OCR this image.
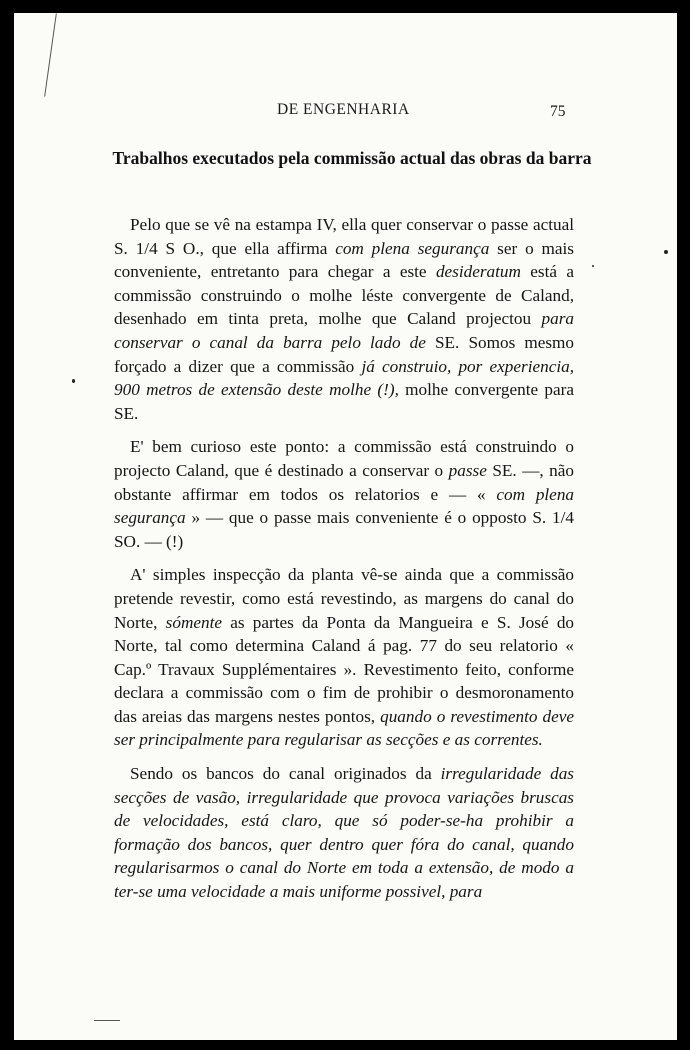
DE ENGENHARIA	75
Trabalhos executados pela commissão actual das obras da barra

Pelo que se vê na estampa IV, ella quer conservar o passe actual S. 1/4 S O., que ella affirma com plena segurança ser o mais conveniente, entretanto para chegar a este desideratum está a commissão construindo o molhe léste convergente de Caland, desenhado em tinta preta, molhe que Caland projectou para conservar o canal da barra pelo lado de SE. Somos mesmo forçado a dizer que a commissão já construio, por experiencia, 900 metros de extensão deste molhe (!), molhe convergente para SE.

E' bem curioso este ponto: a commissão está construindo o projecto Caland, que é destinado a conservar o passe SE. —, não obstante affirmar em todos os relatorios e — « com plena segurança » — que o passe mais conveniente é o opposto S. 1/4 SO. — (!)

A' simples inspecção da planta vê-se ainda que a commissão pretende revestir, como está revestindo, as margens do canal do Norte, sómente as partes da Ponta da Mangueira e S. José do Norte, tal como determina Caland á pag. 77 do seu relatorio « Cap.º Travaux Supplémentaires ». Revestimento feito, conforme declara a commissão com o fim de prohibir o desmoronamento das areias das margens nestes pontos, quando o revestimento deve ser principalmente para regularisar as secções e as correntes.

Sendo os bancos do canal originados da irregularidade das secções de vasão, irregularidade que provoca variações bruscas de velocidades, está claro, que só poder-se-ha prohibir a formação dos bancos, quer dentro quer fóra do canal, quando regularisarmos o canal do Norte em toda a extensão, de modo a ter-se uma velocidade a mais uniforme possivel, para
